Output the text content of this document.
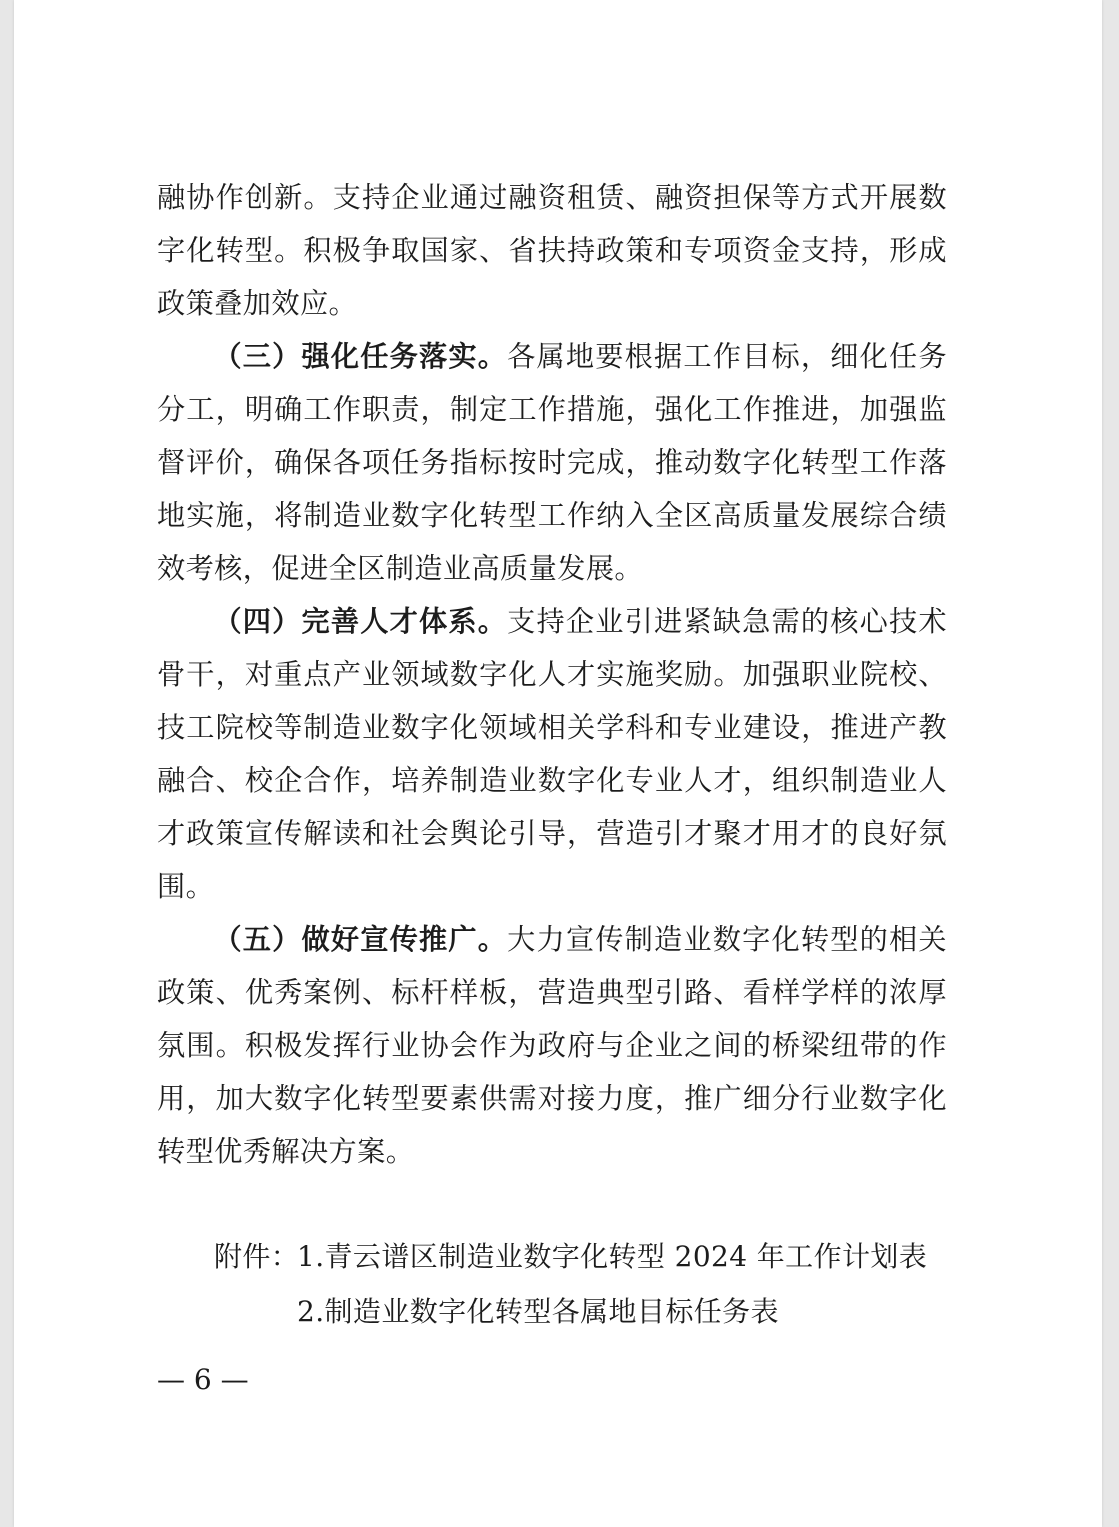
融协作创新。支持企业通过融资租赁、融资担保等方式开展数字化转型。积极争取国家、省扶持政策和专项资金支持，形成政策叠加效应。

（三）强化任务落实。各属地要根据工作目标，细化任务分工，明确工作职责，制定工作措施，强化工作推进，加强监督评价，确保各项任务指标按时完成，推动数字化转型工作落地实施，将制造业数字化转型工作纳入全区高质量发展综合绩效考核，促进全区制造业高质量发展。

（四）完善人才体系。支持企业引进紧缺急需的核心技术骨干，对重点产业领域数字化人才实施奖励。加强职业院校、技工院校等制造业数字化领域相关学科和专业建设，推进产教融合、校企合作，培养制造业数字化专业人才，组织制造业人才政策宣传解读和社会舆论引导，营造引才聚才用才的良好氛围。

（五）做好宣传推广。大力宣传制造业数字化转型的相关政策、优秀案例、标杆样板，营造典型引路、看样学样的浓厚氛围。积极发挥行业协会作为政府与企业之间的桥梁纽带的作用，加大数字化转型要素供需对接力度，推广细分行业数字化转型优秀解决方案。

附件：
1.青云谱区制造业数字化转型 2024 年工作计划表
2.制造业数字化转型各属地目标任务表
— 6 —
